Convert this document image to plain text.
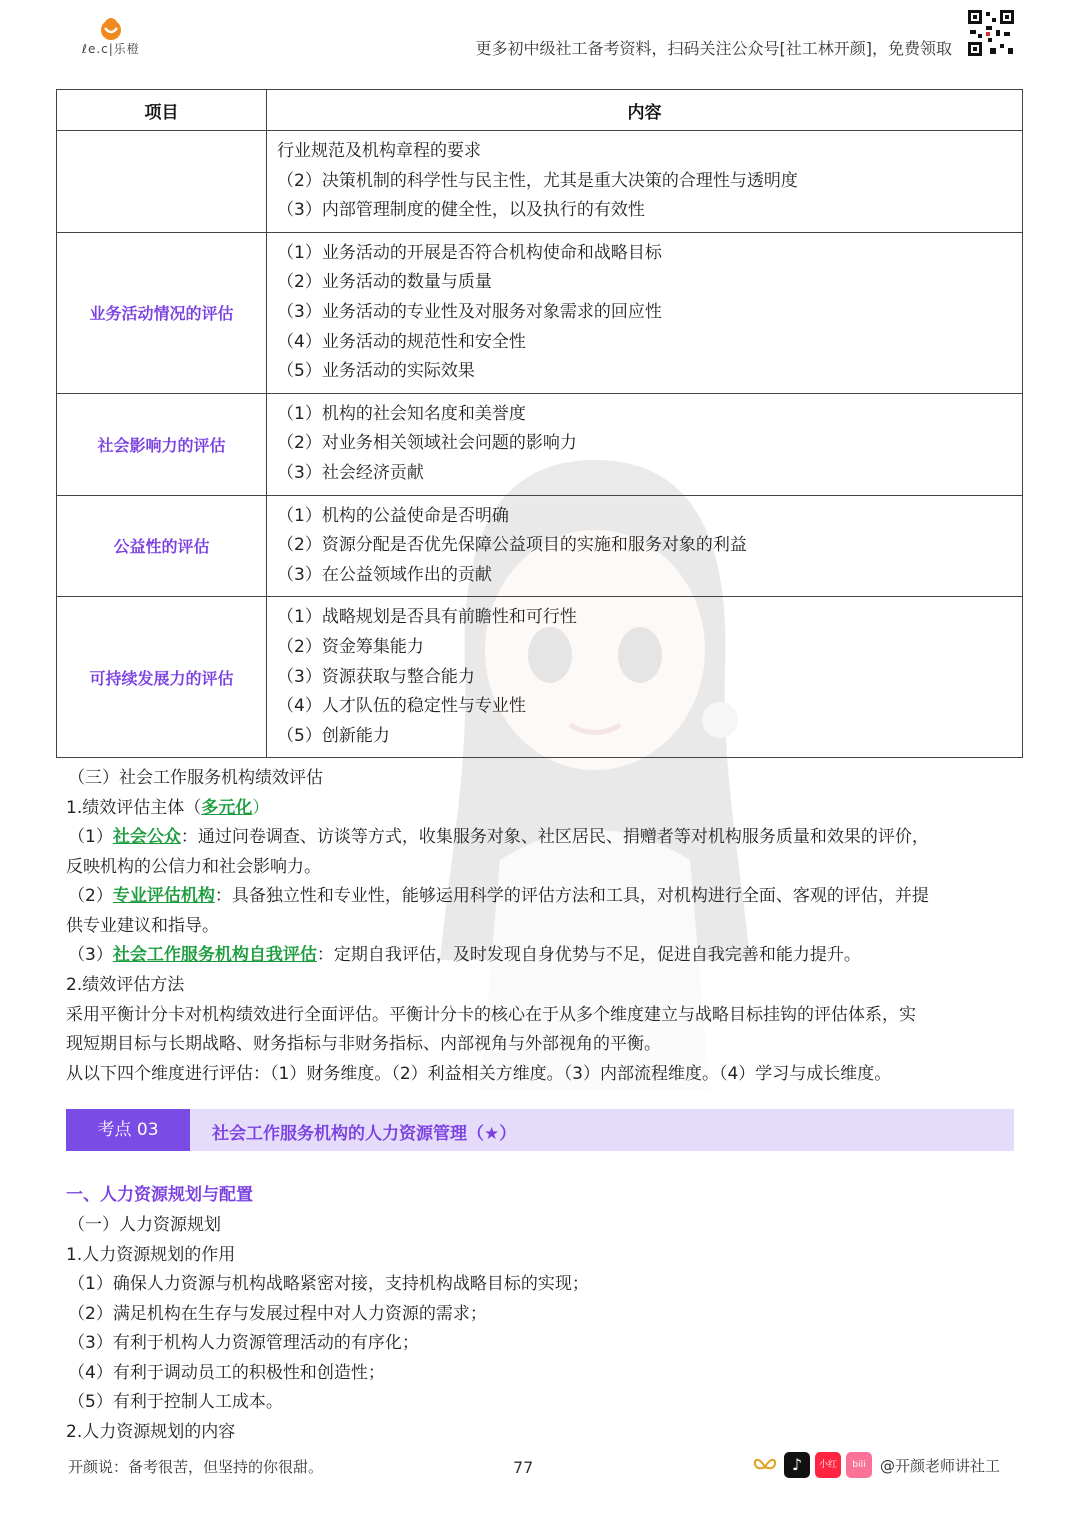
ℓe.c|乐橙	更多初中级社工备考资料，扫码关注公众号[社工林开颜]，免费领取
项目	内容

	行业规范及机构章程的要求
（2）决策机制的科学性与民主性，尤其是重大决策的合理性与透明度
（3）内部管理制度的健全性，以及执行的有效性

业务活动情况的评估	（1）业务活动的开展是否符合机构使命和战略目标
（2）业务活动的数量与质量
（3）业务活动的专业性及对服务对象需求的回应性
（4）业务活动的规范性和安全性
（5）业务活动的实际效果

社会影响力的评估	（1）机构的社会知名度和美誉度
（2）对业务相关领域社会问题的影响力
（3）社会经济贡献

公益性的评估	（1）机构的公益使命是否明确
（2）资源分配是否优先保障公益项目的实施和服务对象的利益
（3）在公益领域作出的贡献

可持续发展力的评估	（1）战略规划是否具有前瞻性和可行性
（2）资金筹集能力
（3）资源获取与整合能力
（4）人才队伍的稳定性与专业性
（5）创新能力
（三）社会工作服务机构绩效评估
1.绩效评估主体（多元化）
（1）社会公众：通过问卷调查、访谈等方式，收集服务对象、社区居民、捐赠者等对机构服务质量和效果的评价，
反映机构的公信力和社会影响力。
（2）专业评估机构：具备独立性和专业性，能够运用科学的评估方法和工具，对机构进行全面、客观的评估，并提
供专业建议和指导。
（3）社会工作服务机构自我评估：定期自我评估，及时发现自身优势与不足，促进自我完善和能力提升。
2.绩效评估方法
采用平衡计分卡对机构绩效进行全面评估。平衡计分卡的核心在于从多个维度建立与战略目标挂钩的评估体系，实
现短期目标与长期战略、财务指标与非财务指标、内部视角与外部视角的平衡。
从以下四个维度进行评估：（1）财务维度。（2）利益相关方维度。（3）内部流程维度。（4）学习与成长维度。
考点 03	社会工作服务机构的人力资源管理（★）
一、人力资源规划与配置
（一）人力资源规划
1.人力资源规划的作用
（1）确保人力资源与机构战略紧密对接，支持机构战略目标的实现；
（2）满足机构在生存与发展过程中对人力资源的需求；
（3）有利于机构人力资源管理活动的有序化；
（4）有利于调动员工的积极性和创造性；
（5）有利于控制人工成本。
2.人力资源规划的内容
开颜说：备考很苦，但坚持的你很甜。	77	♪	小红书
bili @开颜老师讲社工
